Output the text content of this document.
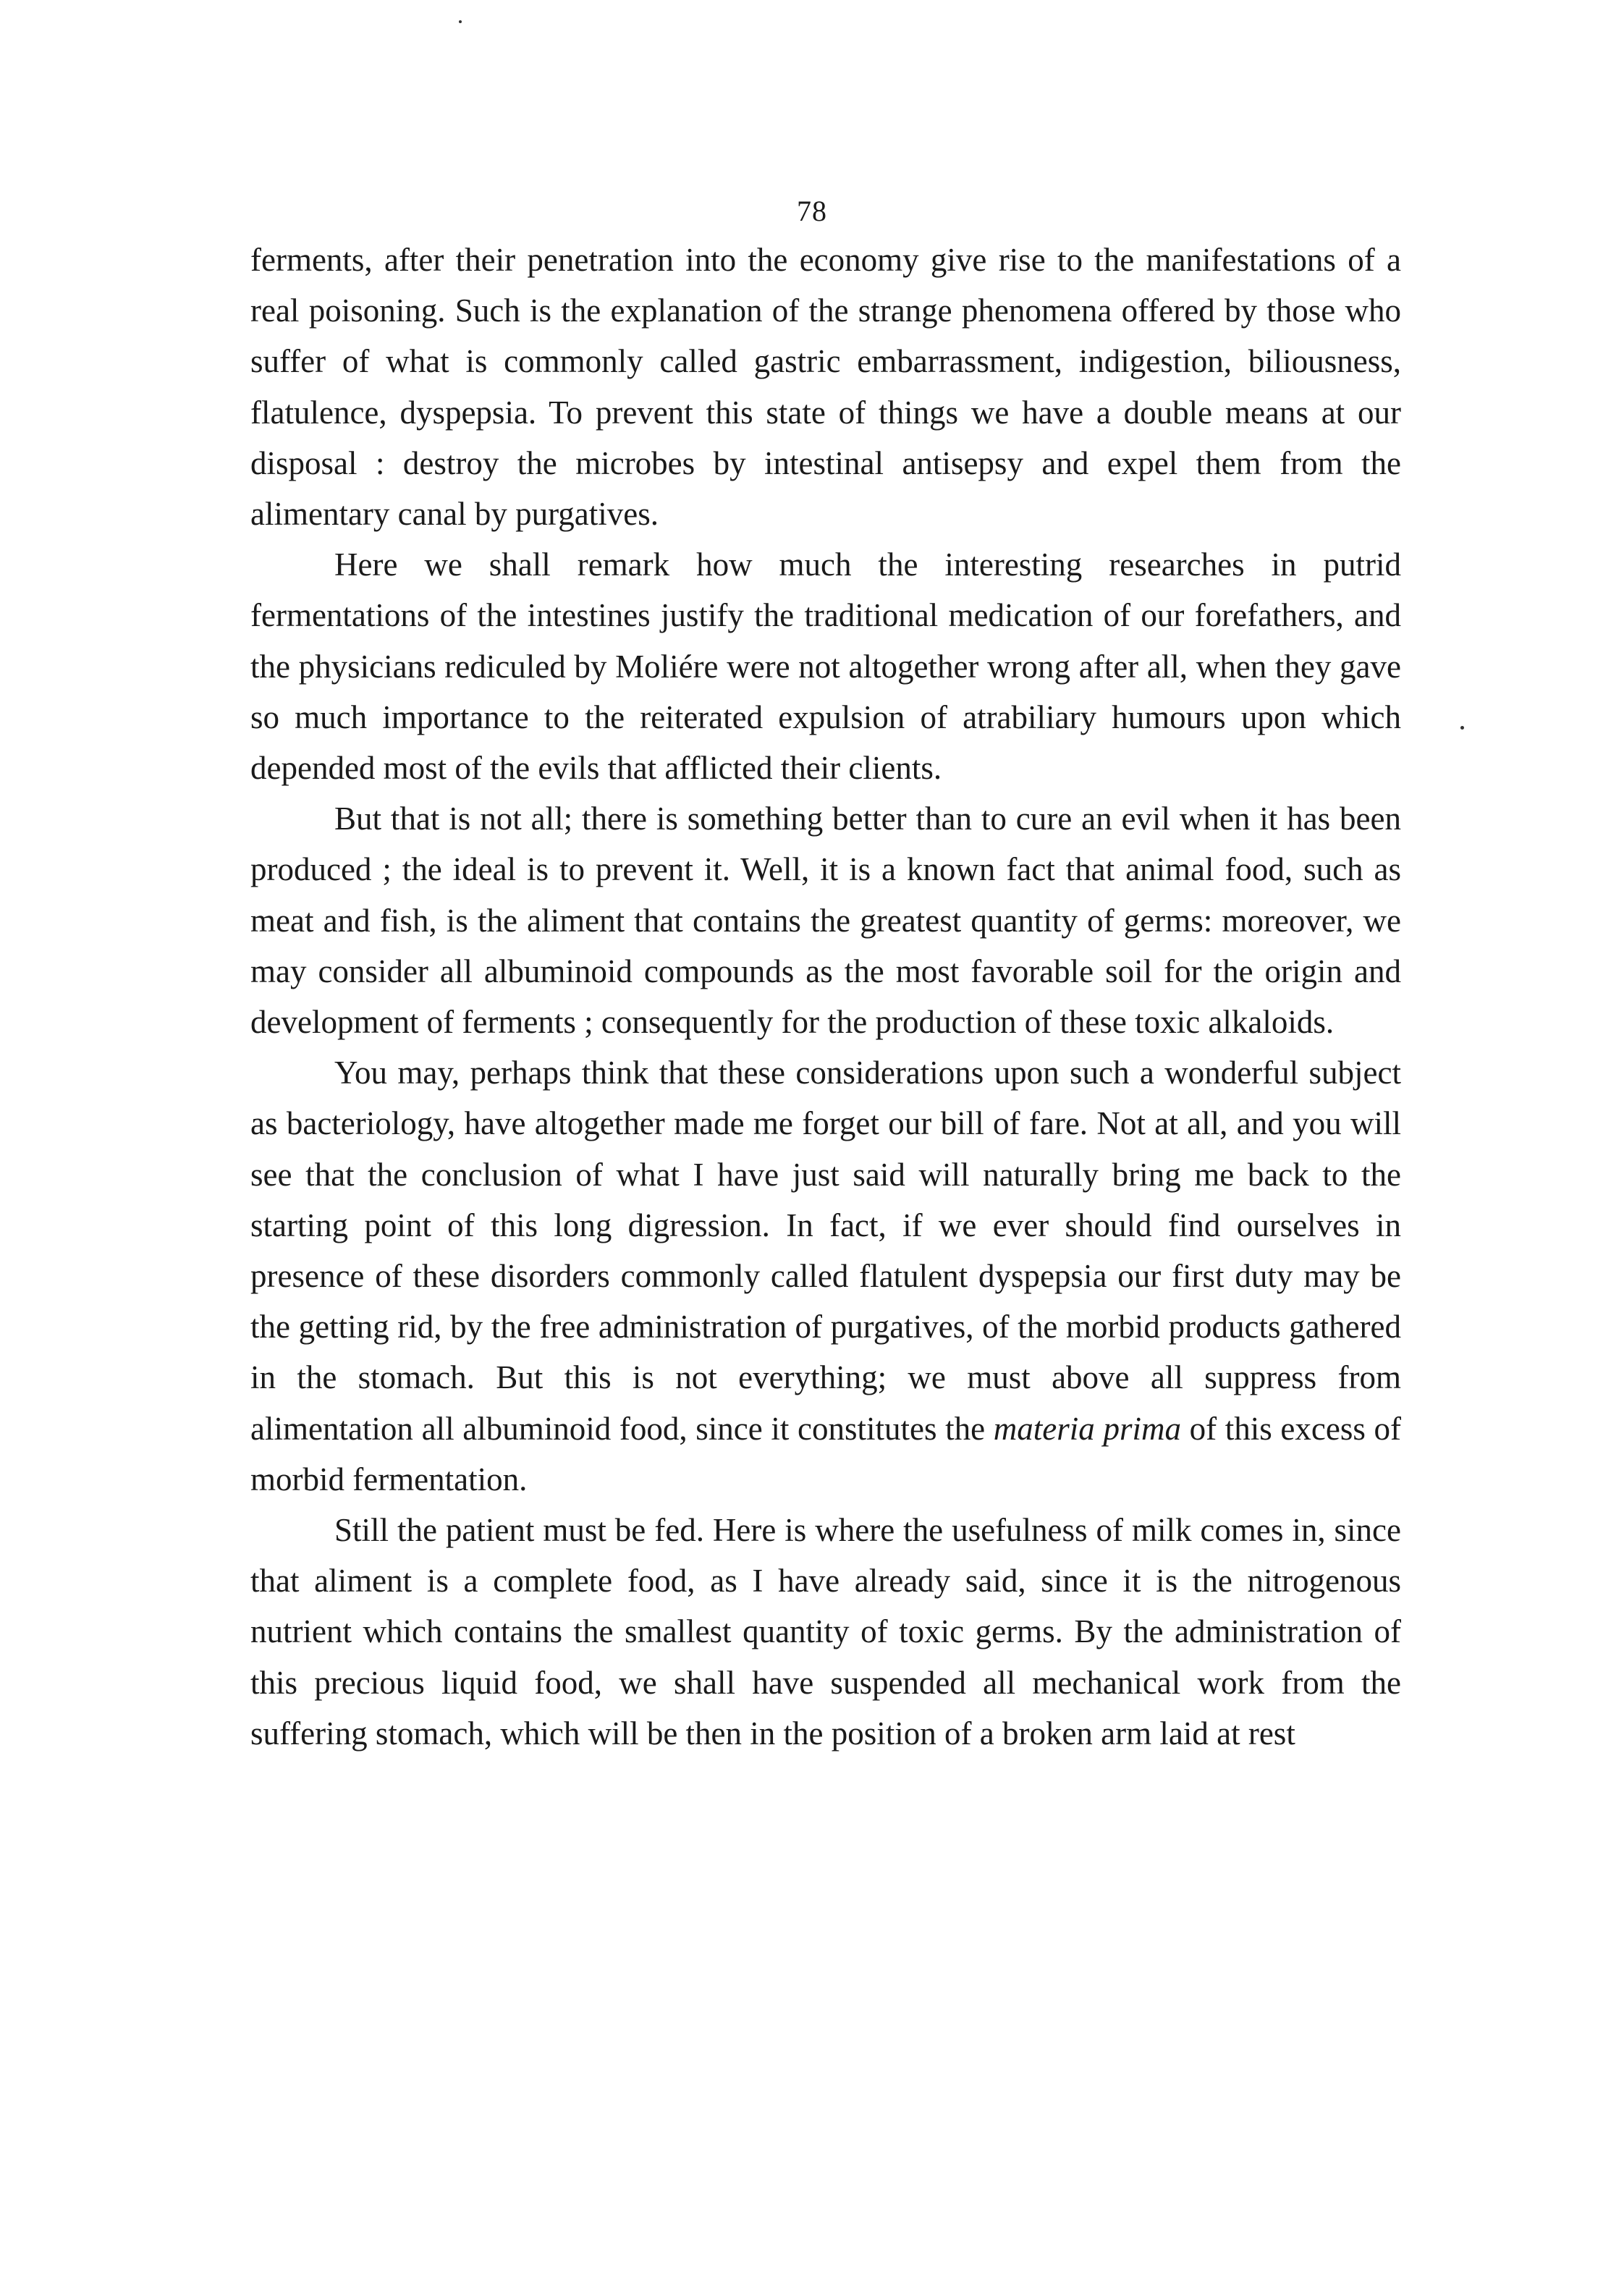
78

ferments, after their penetration into the economy give rise to the manifestations of a real poisoning. Such is the explanation of the strange phenomena offered by those who suffer of what is commonly called gastric embarrassment, indigestion, biliousness, flatulence, dyspepsia. To prevent this state of things we have a double means at our disposal : destroy the microbes by intestinal antisepsy and expel them from the alimentary canal by purgatives.

Here we shall remark how much the interesting researches in putrid fermentations of the intestines justify the traditional medication of our forefathers, and the physicians rediculed by Moliére were not altogether wrong after all, when they gave so much importance to the reiterated expulsion of atrabiliary humours upon which depended most of the evils that afflicted their clients.

But that is not all; there is something better than to cure an evil when it has been produced ; the ideal is to prevent it. Well, it is a known fact that animal food, such as meat and fish, is the aliment that contains the greatest quantity of germs: moreover, we may consider all albuminoid compounds as the most favorable soil for the origin and development of ferments ; consequently for the production of these toxic alkaloids.

You may, perhaps think that these considerations upon such a wonderful subject as bacteriology, have altogether made me forget our bill of fare. Not at all, and you will see that the conclusion of what I have just said will naturally bring me back to the starting point of this long digression. In fact, if we ever should find ourselves in presence of these disorders commonly called flatulent dyspepsia our first duty may be the getting rid, by the free administration of purgatives, of the morbid products gathered in the stomach. But this is not everything; we must above all suppress from alimentation all albuminoid food, since it constitutes the materia prima of this excess of morbid fermentation.

Still the patient must be fed. Here is where the usefulness of milk comes in, since that aliment is a complete food, as I have already said, since it is the nitrogenous nutrient which contains the smallest quantity of toxic germs. By the administration of this precious liquid food, we shall have suspended all mechanical work from the suffering stomach, which will be then in the position of a broken arm laid at rest
